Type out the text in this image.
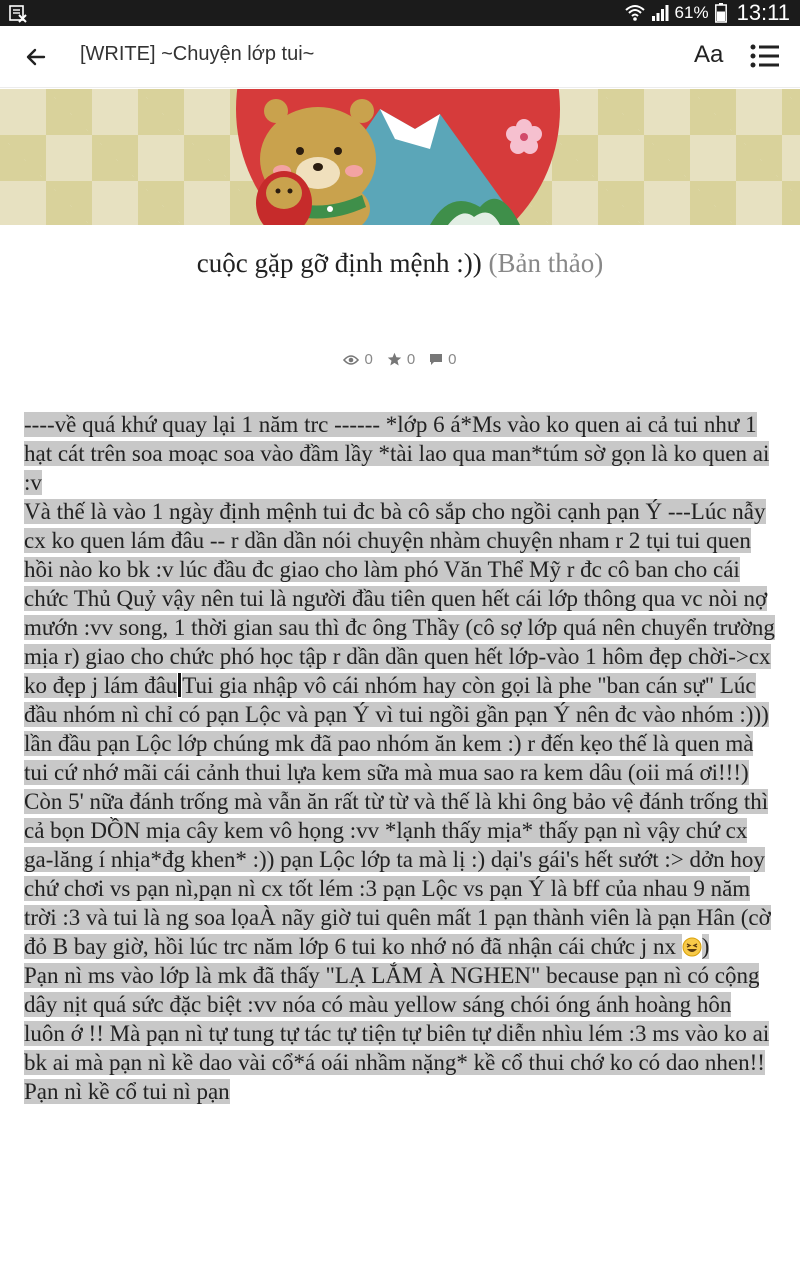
61% 13:11
[WRITE] ~Chuyện lớp tui~	Aa
cuộc gặp gỡ định mệnh :)) (Bản thảo)
0 0 0

----về quá khứ quay lại 1 năm trc ------ *lớp 6 á*Ms vào ko quen ai cả tui như 1 hạt cát trên soa moạc soa vào đầm lầy *tài lao qua man*túm sờ gọn là ko quen ai :v

Và thế là vào 1 ngày định mệnh tui đc bà cô sắp cho ngồi cạnh pạn Ý ---Lúc nẫy cx ko quen lám đâu -- r dần dần nói chuyện nhàm chuyện nham r 2 tụi tui quen hồi nào ko bk :v lúc đầu đc giao cho làm phó Văn Thể Mỹ r đc cô ban cho cái chức Thủ Quỷ vậy nên tui là người đầu tiên quen hết cái lớp thông qua vc nòi nợ mướn :vv song, 1 thời gian sau thì đc ông Thầy (cô sợ lớp quá nên chuyển trường mịa r) giao cho chức phó học tập r dần dần quen hết lớp-vào 1 hôm đẹp chời->cx ko đẹp j lám đâu Tui gia nhập vô cái nhóm hay còn gọi là phe "ban cán sự" Lúc đầu nhóm nì chỉ có pạn Lộc và pạn Ý vì tui ngồi gần pạn Ý nên đc vào nhóm :))) lần đầu pạn Lộc lớp chúng mk đã pao nhóm ăn kem :) r đến kẹo thế là quen mà tui cứ nhớ mãi cái cảnh thui lựa kem sữa mà mua sao ra kem dâu (oii má ơi!!!) Còn 5' nữa đánh trống mà vẫn ăn rất từ từ và thế là khi ông bảo vệ đánh trống thì cả bọn DỒN mịa cây kem vô họng :vv *lạnh thấy mịa* thấy pạn nì vậy chứ cx ga-lăng í nhịa*đg khen* :)) pạn Lộc lớp ta mà lị :) dại's gái's hết sướt :> dởn hoy chứ chơi vs pạn nì,pạn nì cx tốt lém :3 pạn Lộc vs pạn Ý là bff của nhau 9 năm trời :3 và tui là ng soa lọaÀ nãy giờ tui quên mất 1 pạn thành viên là pạn Hân (cờ đỏ B bay giờ, hồi lúc trc năm lớp 6 tui ko nhớ nó đã nhận cái chức j nx )

Pạn nì ms vào lớp là mk đã thấy "LẠ LẮM À NGHEN" because pạn nì có cộng dây nịt quá sức đặc biệt :vv nóa có màu yellow sáng chói óng ánh hoàng hôn luôn ớ !! Mà pạn nì tự tung tự tác tự tiện tự biên tự diễn nhìu lém :3 ms vào ko ai bk ai mà pạn nì kề dao vài cổ*á oái nhầm nặng* kề cổ thui chớ ko có dao nhen!! Pạn nì kề cổ tui nì pạn
